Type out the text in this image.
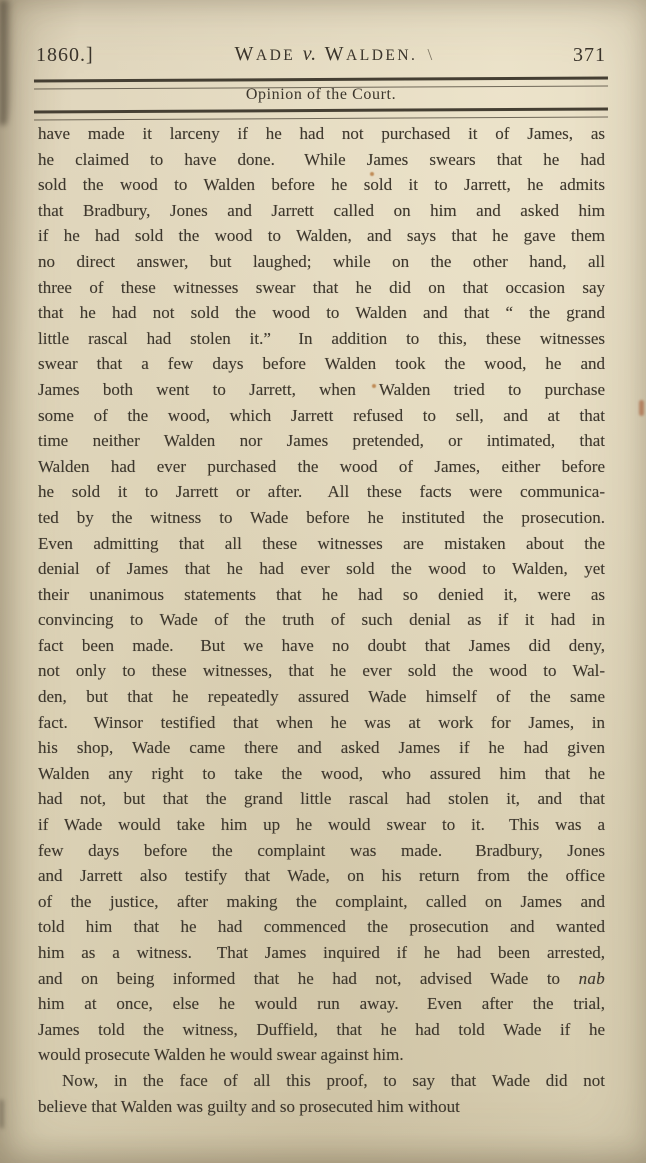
1860.]	WADE v. WALDEN. \	371
Opinion of the Court.
have made it larceny if he had not purchased it of James, as
he claimed to have done.  While James swears that he had
sold the wood to Walden before he sold it to Jarrett, he admits
that Bradbury, Jones and Jarrett called on him and asked him
if he had sold the wood to Walden, and says that he gave them
no direct answer, but laughed; while on the other hand, all
three of these witnesses swear that he did on that occasion say
that he had not sold the wood to Walden and that “ the grand
little rascal had stolen it.”  In addition to this, these witnesses
swear that a few days before Walden took the wood, he and
James both went to Jarrett, when Walden tried to purchase
some of the wood, which Jarrett refused to sell, and at that
time neither Walden nor James pretended, or intimated, that
Walden had ever purchased the wood of James, either before
he sold it to Jarrett or after.  All these facts were communica-
ted by the witness to Wade before he instituted the prosecution.
Even admitting that all these witnesses are mistaken about the
denial of James that he had ever sold the wood to Walden, yet
their unanimous statements that he had so denied it, were as
convincing to Wade of the truth of such denial as if it had in
fact been made.  But we have no doubt that James did deny,
not only to these witnesses, that he ever sold the wood to Wal-
den, but that he repeatedly assured Wade himself of the same
fact.  Winsor testified that when he was at work for James, in
his shop, Wade came there and asked James if he had given
Walden any right to take the wood, who assured him that he
had not, but that the grand little rascal had stolen it, and that
if Wade would take him up he would swear to it.  This was a
few days before the complaint was made.  Bradbury, Jones
and Jarrett also testify that Wade, on his return from the office
of the justice, after making the complaint, called on James and
told him that he had commenced the prosecution and wanted
him as a witness.  That James inquired if he had been arrested,
and on being informed that he had not, advised Wade to nab
him at once, else he would run away.  Even after the trial,
James told the witness, Duffield, that he had told Wade if he
would prosecute Walden he would swear against him.
Now, in the face of all this proof, to say that Wade did not
believe that Walden was guilty and so prosecuted him without
